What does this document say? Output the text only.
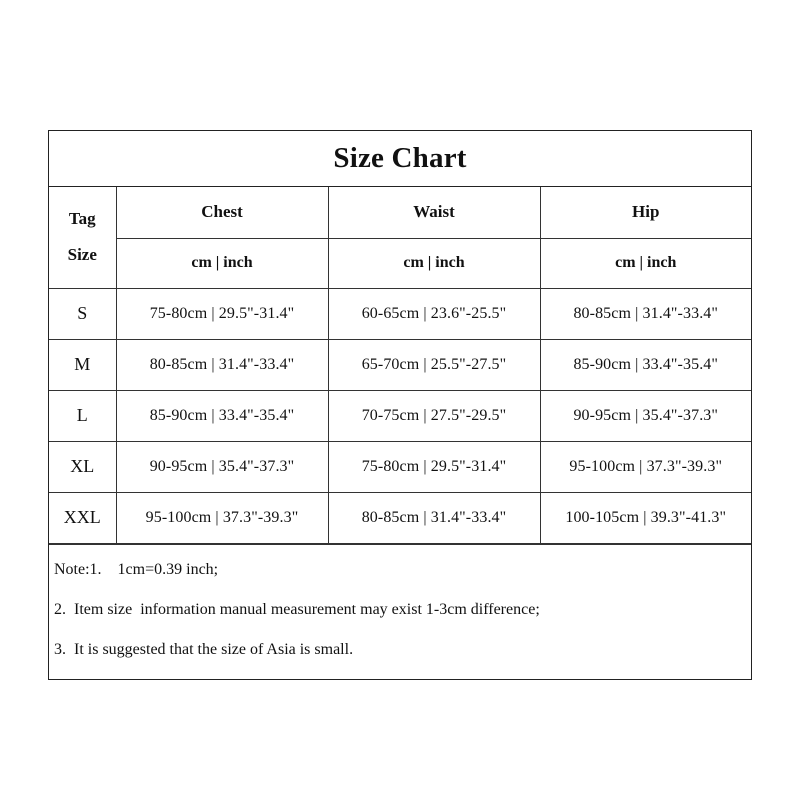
Size Chart
Tag
Size	Chest	Waist	Hip
	cm | inch	cm | inch	cm | inch
S	75-80cm | 29.5"-31.4"	60-65cm | 23.6"-25.5"	80-85cm | 31.4"-33.4"
M	80-85cm | 31.4"-33.4"	65-70cm | 25.5"-27.5"	85-90cm | 33.4"-35.4"
L	85-90cm | 33.4"-35.4"	70-75cm | 27.5"-29.5"	90-95cm | 35.4"-37.3"
XL	90-95cm | 35.4"-37.3"	75-80cm | 29.5"-31.4"	95-100cm | 37.3"-39.3"
XXL	95-100cm | 37.3"-39.3"	80-85cm | 31.4"-33.4"	100-105cm | 39.3"-41.3"
Note:1.    1cm=0.39 inch;
2.  Item size  information manual measurement may exist 1-3cm difference;
3.  It is suggested that the size of Asia is small.
